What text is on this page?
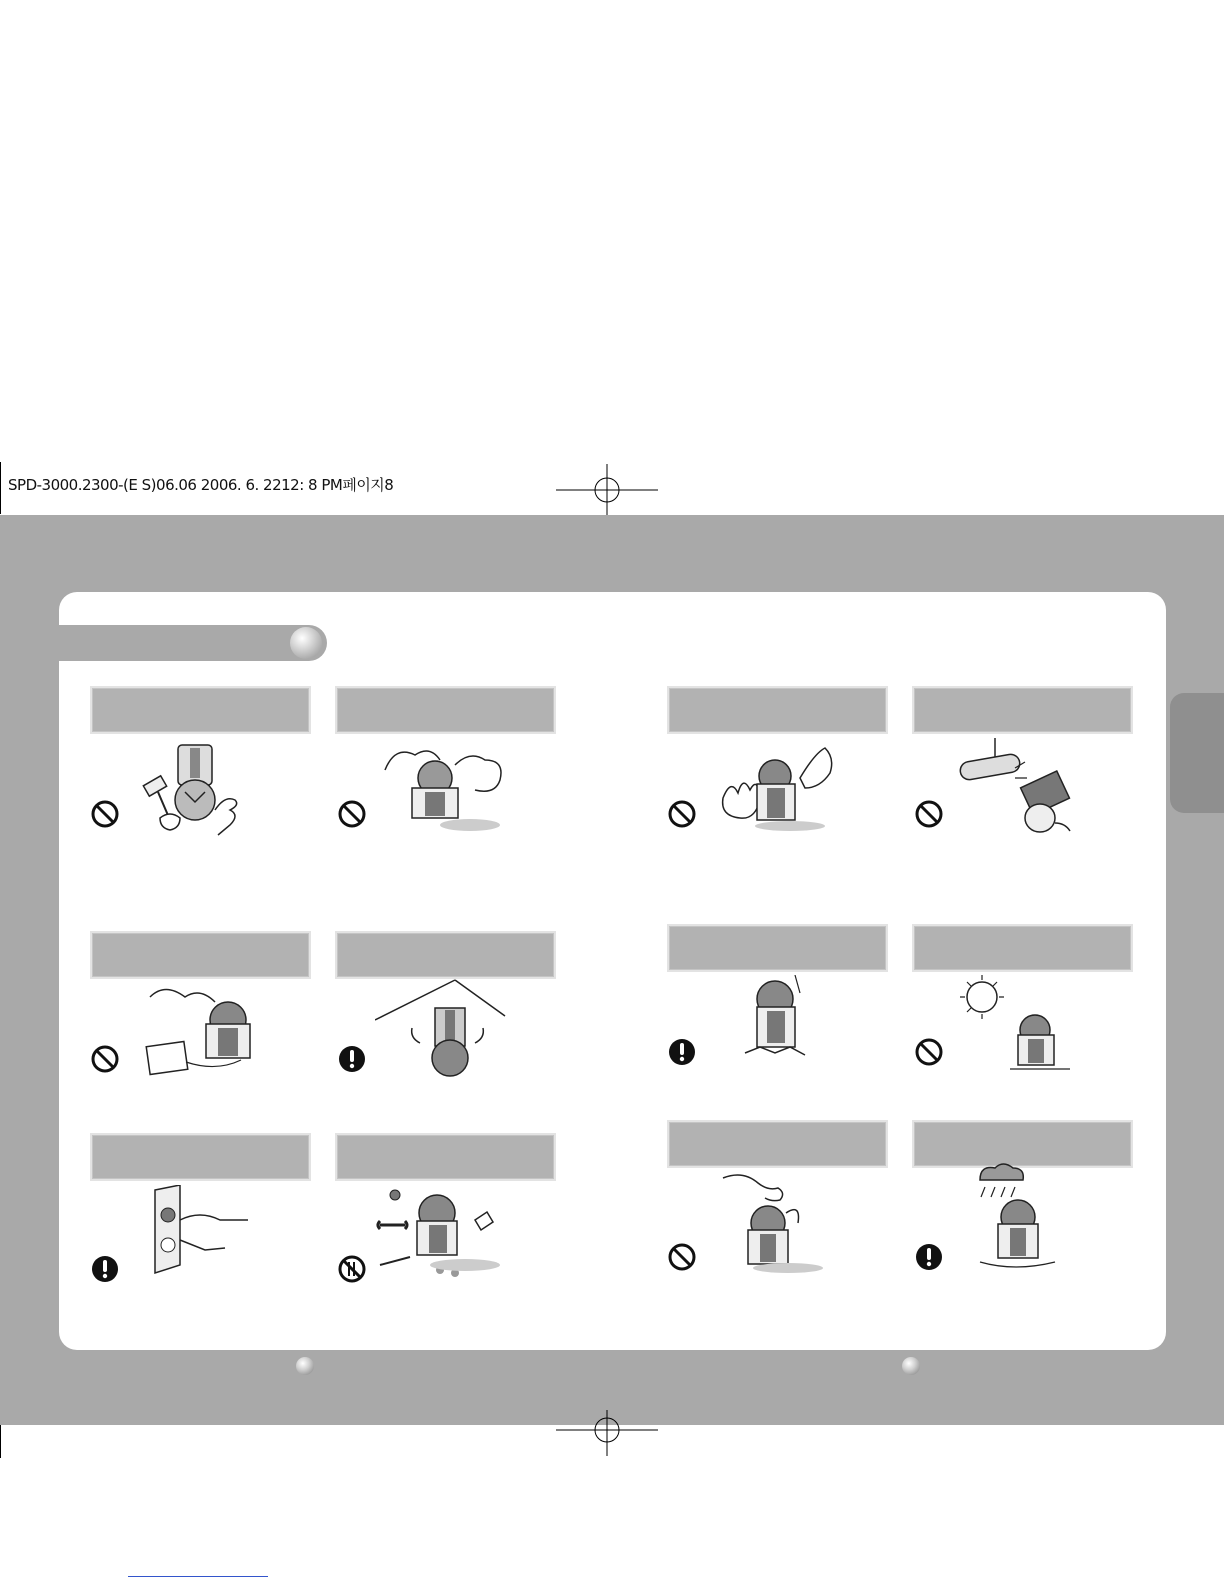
SPD-3000.2300-(E S)06.06 2006. 6. 2212: 8 PM페이지8
